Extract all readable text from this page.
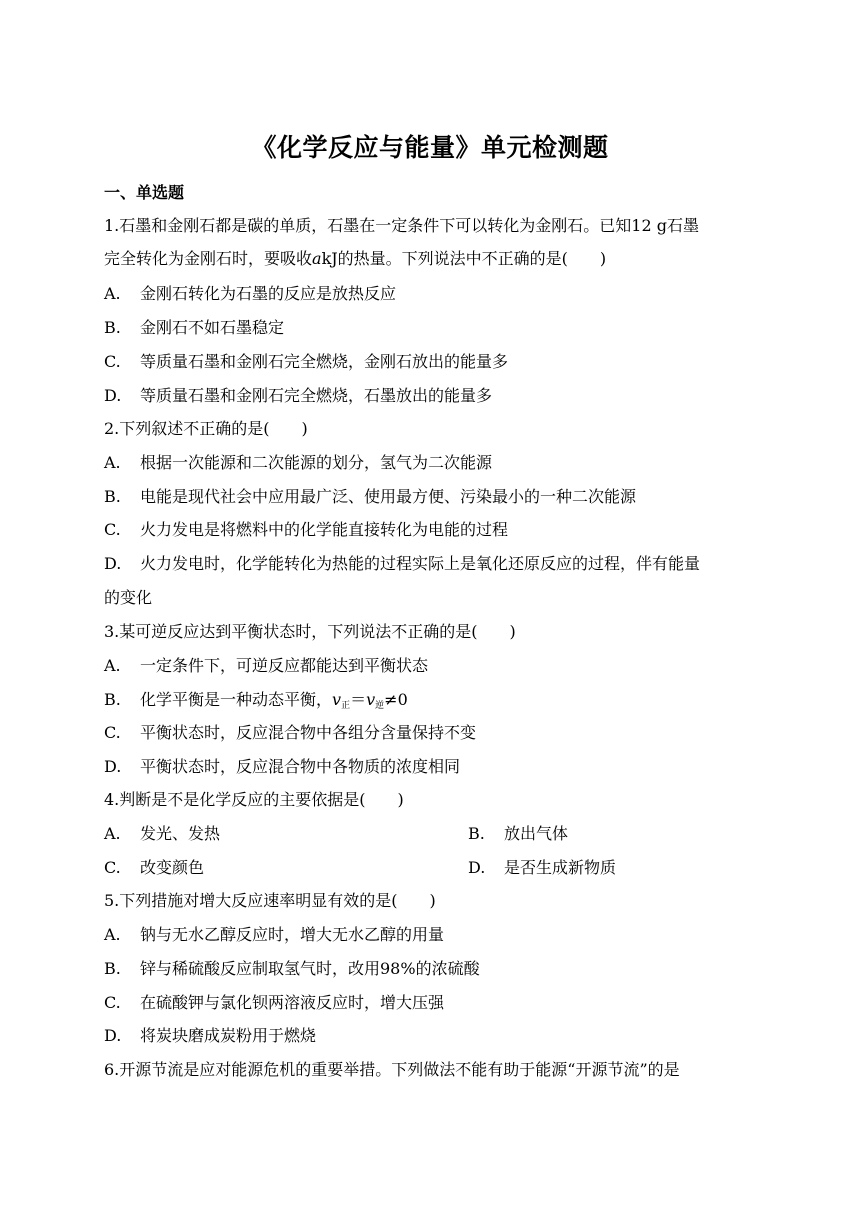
《化学反应与能量》单元检测题
一、单选题
1.石墨和金刚石都是碳的单质，石墨在一定条件下可以转化为金刚石。已知12 g石墨
完全转化为金刚石时，要吸收akJ的热量。下列说法中不正确的是(　　)
A. 金刚石转化为石墨的反应是放热反应
B. 金刚石不如石墨稳定
C. 等质量石墨和金刚石完全燃烧，金刚石放出的能量多
D. 等质量石墨和金刚石完全燃烧，石墨放出的能量多
2.下列叙述不正确的是(　　)
A. 根据一次能源和二次能源的划分，氢气为二次能源
B. 电能是现代社会中应用最广泛、使用最方便、污染最小的一种二次能源
C. 火力发电是将燃料中的化学能直接转化为电能的过程
D. 火力发电时，化学能转化为热能的过程实际上是氧化还原反应的过程，伴有能量
的变化
3.某可逆反应达到平衡状态时，下列说法不正确的是(　　)
A. 一定条件下，可逆反应都能达到平衡状态
B. 化学平衡是一种动态平衡，$v_正=v_逆\ne 0$
C. 平衡状态时，反应混合物中各组分含量保持不变
D. 平衡状态时，反应混合物中各物质的浓度相同
4.判断是不是化学反应的主要依据是(　　)
A. 发光、发热	B. 放出气体
C. 改变颜色	D. 是否生成新物质
5.下列措施对增大反应速率明显有效的是(　　)
A. 钠与无水乙醇反应时，增大无水乙醇的用量
B. 锌与稀硫酸反应制取氢气时，改用98%的浓硫酸
C. 在硫酸钾与氯化钡两溶液反应时，增大压强
D. 将炭块磨成炭粉用于燃烧
6.开源节流是应对能源危机的重要举措。下列做法不能有助于能源“开源节流”的是
